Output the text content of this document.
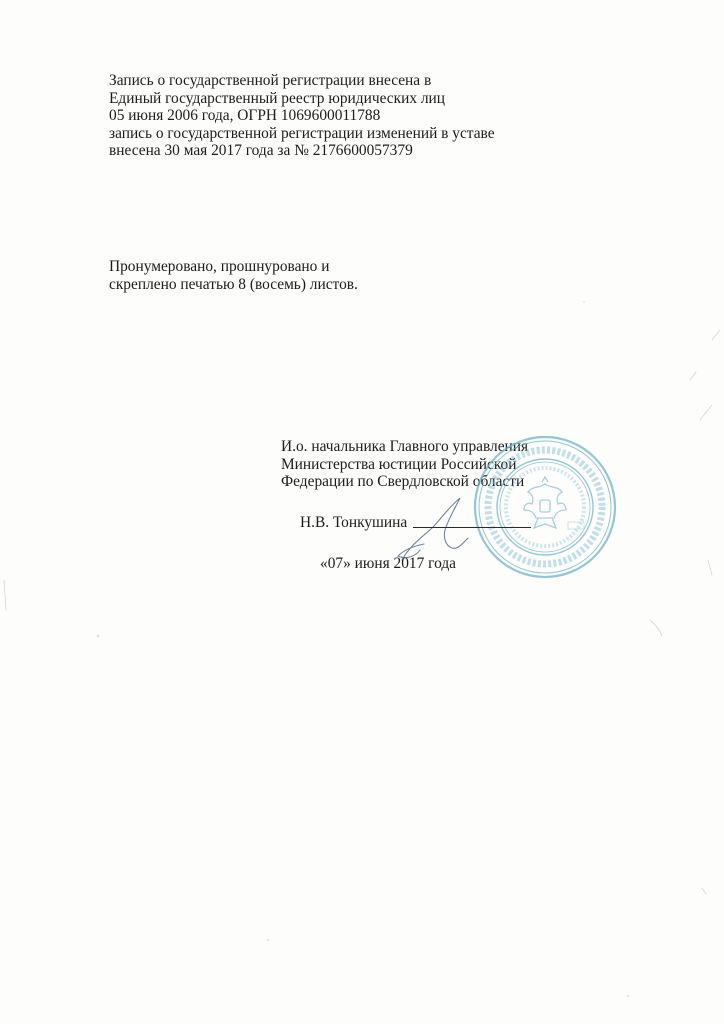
Запись о государственной регистрации внесена в
Единый государственный реестр юридических лиц
05 июня 2006 года, ОГРН 1069600011788
запись о государственной регистрации изменений в уставе
внесена 30 мая 2017 года за № 2176600057379
Пронумеровано, прошнуровано и
скреплено печатью 8 (восемь) листов.
И.о. начальника Главного управления
Министерства юстиции Российской
Федерации по Свердловской области
Н.В. Тонкушина
«07» июня 2017 года
